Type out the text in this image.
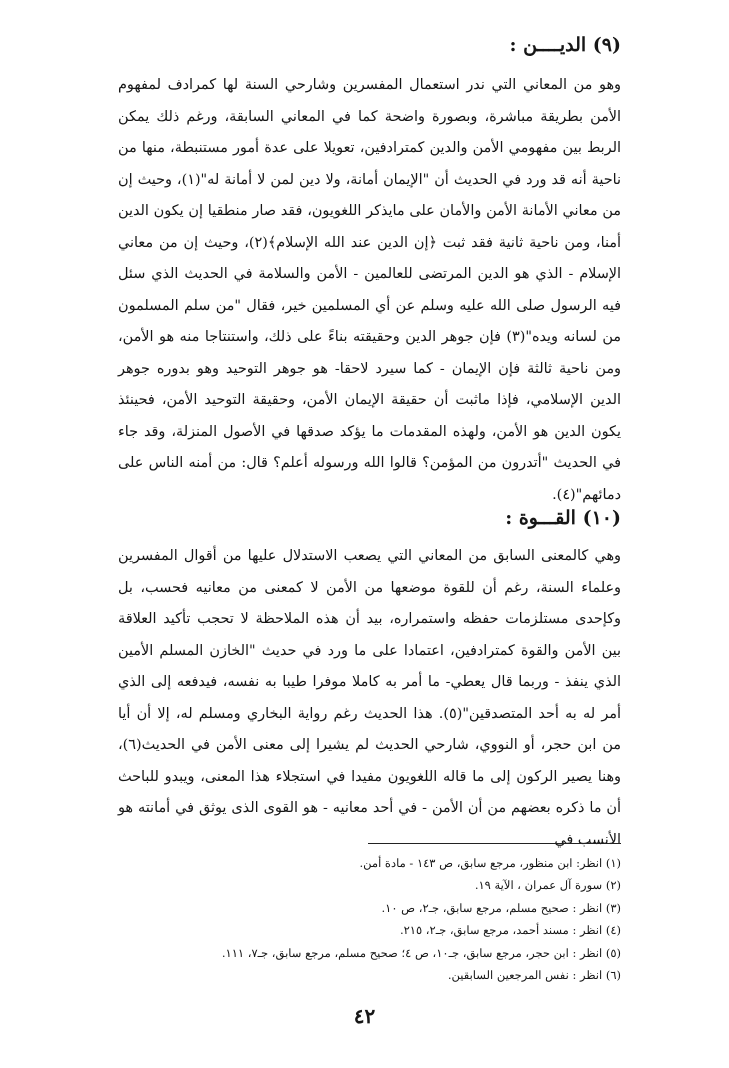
(٩) الديــــن :
وهو من المعاني التي ندر استعمال المفسرين وشارحي السنة لها كمرادف لمفهوم الأمن بطريقة مباشرة، وبصورة واضحة كما في المعاني السابقة، ورغم ذلك يمكن الربط بين مفهومي الأمن والدين كمترادفين، تعويلا على عدة أمور مستنبطة، منها من ناحية أنه قد ورد في الحديث أن "الإيمان أمانة، ولا دين لمن لا أمانة له"(١)، وحيث إن من معاني الأمانة الأمن والأمان على مايذكر اللغويون، فقد صار منطقيا إن يكون الدين أمنا، ومن ناحية ثانية فقد ثبت ﴿إن الدين عند الله الإسلام﴾(٢)، وحيث إن من معاني الإسلام - الذي هو الدين المرتضى للعالمين - الأمن والسلامة في الحديث الذي سئل فيه الرسول صلى الله عليه وسلم عن أي المسلمين خير، فقال "من سلم المسلمون من لسانه ويده"(٣) فإن جوهر الدين وحقيقته بناءً على ذلك، واستنتاجا منه هو الأمن، ومن ناحية ثالثة فإن الإيمان - كما سيرد لاحقا- هو جوهر التوحيد وهو بدوره جوهر الدين الإسلامي، فإذا ماثبت أن حقيقة الإيمان الأمن، وحقيقة التوحيد الأمن، فحينئذ يكون الدين هو الأمن، ولهذه المقدمات ما يؤكد صدقها في الأصول المنزلة، وقد جاء في الحديث "أتدرون من المؤمن؟ قالوا الله ورسوله أعلم؟ قال: من أمنه الناس على دمائهم"(٤).
(١٠) القـــوة :
وهي كالمعنى السابق من المعاني التي يصعب الاستدلال عليها من أقوال المفسرين وعلماء السنة، رغم أن للقوة موضعها من الأمن لا كمعنى من معانيه فحسب، بل وكإحدى مستلزمات حفظه واستمراره، بيد أن هذه الملاحظة لا تحجب تأكيد العلاقة بين الأمن والقوة كمترادفين، اعتمادا على ما ورد في حديث "الخازن المسلم الأمين الذي ينفذ - وربما قال يعطي- ما أمر به كاملا موفرا طيبا به نفسه، فيدفعه إلى الذي أمر له به أحد المتصدقين"(٥). هذا الحديث رغم رواية البخاري ومسلم له، إلا أن أيا من ابن حجر، أو النووي، شارحي الحديث لم يشيرا إلى معنى الأمن في الحديث(٦)، وهنا يصير الركون إلى ما قاله اللغويون مفيدا في استجلاء هذا المعنى، ويبدو للباحث أن ما ذكره بعضهم من أن الأمن - في أحد معانيه - هو القوى الذى يوثق في أمانته هو الأنسب في
(١) انظر: ابن منظور، مرجع سابق، ص ١٤٣ - مادة أمن.
(٢) سورة آل عمران ، الآية ١٩.
(٣) انظر : صحيح مسلم، مرجع سابق، جـ٢، ص ١٠.
(٤) انظر : مسند أحمد، مرجع سابق، جـ٢، ٢١٥.
(٥) انظر : ابن حجر، مرجع سابق، جـ١٠، ص ٤؛ صحيح مسلم، مرجع سابق، جـ٧، ١١١.
(٦) انظر : نفس المرجعين السابقين.
٤٢
